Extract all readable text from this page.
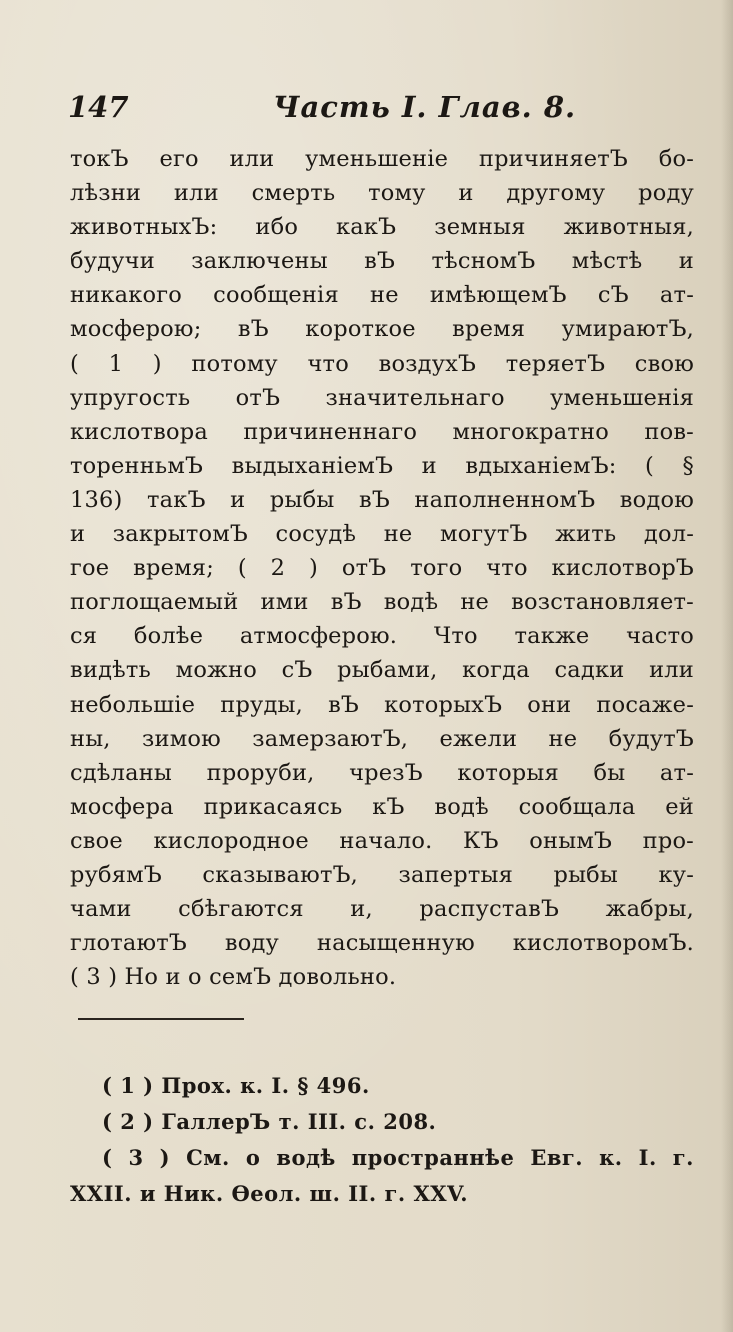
147	Часть I. Глав. 8.
токЪ его или уменьшеніе причиняетЪ бо-
лѣзни или смерть тому и другому роду
животныхЪ: ибо какЪ земныя животныя,
будучи заключены вЪ тѣсномЪ мѣстѣ и
никакого сообщенія не имѣющемЪ сЪ ат-
мосферою; вЪ короткое время умираютЪ,
( 1 ) потому что воздухЪ теряетЪ свою
упругость отЪ значительнаго уменьшенія
кислотвора причиненнаго многократно пов-
торенньмЪ выдыханіемЪ и вдыханіемЪ: ( §
136) такЪ и рыбы вЪ наполненномЪ водою
и закрытомЪ сосудѣ не могутЪ жить дол-
гое время; ( 2 ) отЪ того что кислотворЪ
поглощаемый ими вЪ водѣ не возстановляет-
ся болѣе атмосферою. Что также часто
видѣть можно сЪ рыбами, когда садки или
небольшіе пруды, вЪ которыхЪ они посаже-
ны, зимою замерзаютЪ, ежели не будутЪ
сдѣланы проруби, чрезЪ которыя бы ат-
мосфера прикасаясь кЪ водѣ сообщала ей
свое кислородное начало. КЪ онымЪ про-
рубямЪ сказываютЪ, запертыя рыбы ку-
чами сбѣгаются и, распуставЪ жабры,
глотаютЪ воду насыщенную кислотворомЪ.
( 3 ) Но и о семЪ довольно.
( 1 ) Прох. к. I. § 496.
( 2 ) ГаллерЪ т. III. с. 208.
( 3 ) См. о водѣ пространнѣе Евг. к. I. г.
XXII. и Ник. Өеол. ш. II. г. XXV.
